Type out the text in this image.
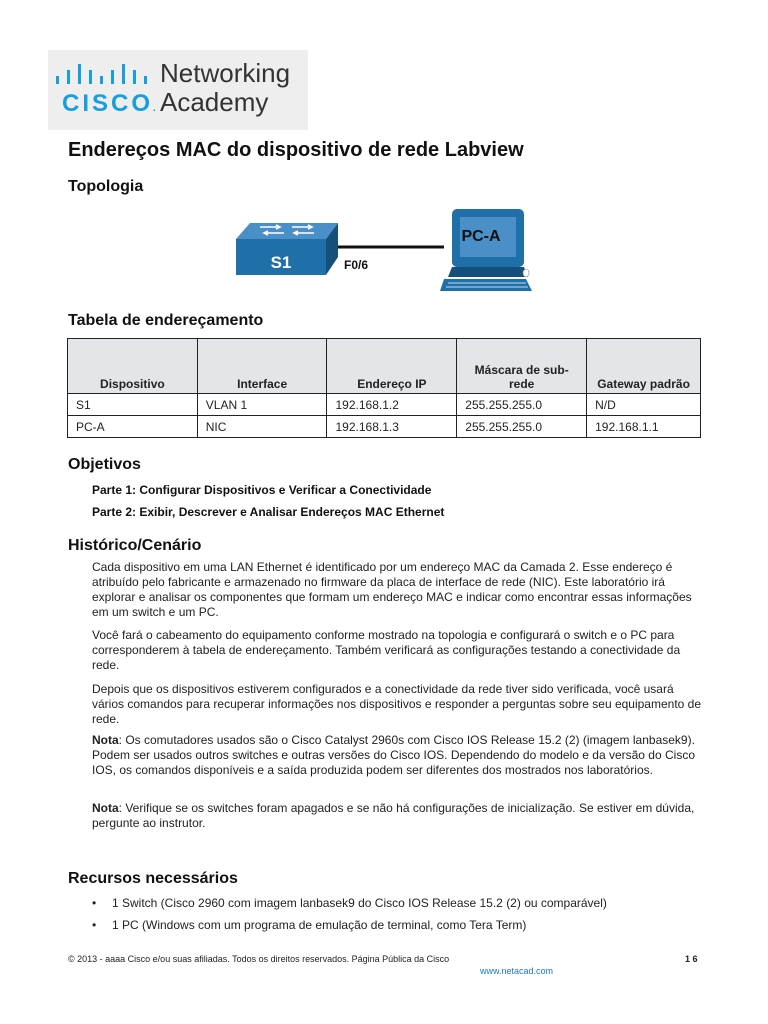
CISCO.
Networking
Academy
Endereços MAC do dispositivo de rede Labview
Topologia
S1	F0/6
PC-A
Tabela de endereçamento
Dispositivo	Interface	Endereço IP	Máscara de sub-rede	Gateway padrão
S1	VLAN 1	192.168.1.2	255.255.255.0	N/D
PC-A	NIC	192.168.1.3	255.255.255.0	192.168.1.1
Objetivos
Parte 1: Configurar Dispositivos e Verificar a Conectividade
Parte 2: Exibir, Descrever e Analisar Endereços MAC Ethernet
Histórico/Cenário

Cada dispositivo em uma LAN Ethernet é identificado por um endereço MAC da Camada 2. Esse endereço é atribuído pelo fabricante e armazenado no firmware da placa de interface de rede (NIC). Este laboratório irá explorar e analisar os componentes que formam um endereço MAC e indicar como encontrar essas informações em um switch e um PC.

Você fará o cabeamento do equipamento conforme mostrado na topologia e configurará o switch e o PC para corresponderem à tabela de endereçamento. Também verificará as configurações testando a conectividade da rede.

Depois que os dispositivos estiverem configurados e a conectividade da rede tiver sido verificada, você usará vários comandos para recuperar informações nos dispositivos e responder a perguntas sobre seu equipamento de rede.

Nota: Os comutadores usados são o Cisco Catalyst 2960s com Cisco IOS Release 15.2 (2) (imagem lanbasek9). Podem ser usados outros switches e outras versões do Cisco IOS. Dependendo do modelo e da versão do Cisco IOS, os comandos disponíveis e a saída produzida podem ser diferentes dos mostrados nos laboratórios.

Nota: Verifique se os switches foram apagados e se não há configurações de inicialização. Se estiver em dúvida, pergunte ao instrutor.

Recursos necessários
• 1 Switch (Cisco 2960 com imagem lanbasek9 do Cisco IOS Release 15.2 (2) ou comparável)
• 1 PC (Windows com um programa de emulação de terminal, como Tera Term)
© 2013 - aaaa Cisco e/ou suas afiliadas. Todos os direitos reservados. Página Pública da Cisco	1 6
www.netacad.com
